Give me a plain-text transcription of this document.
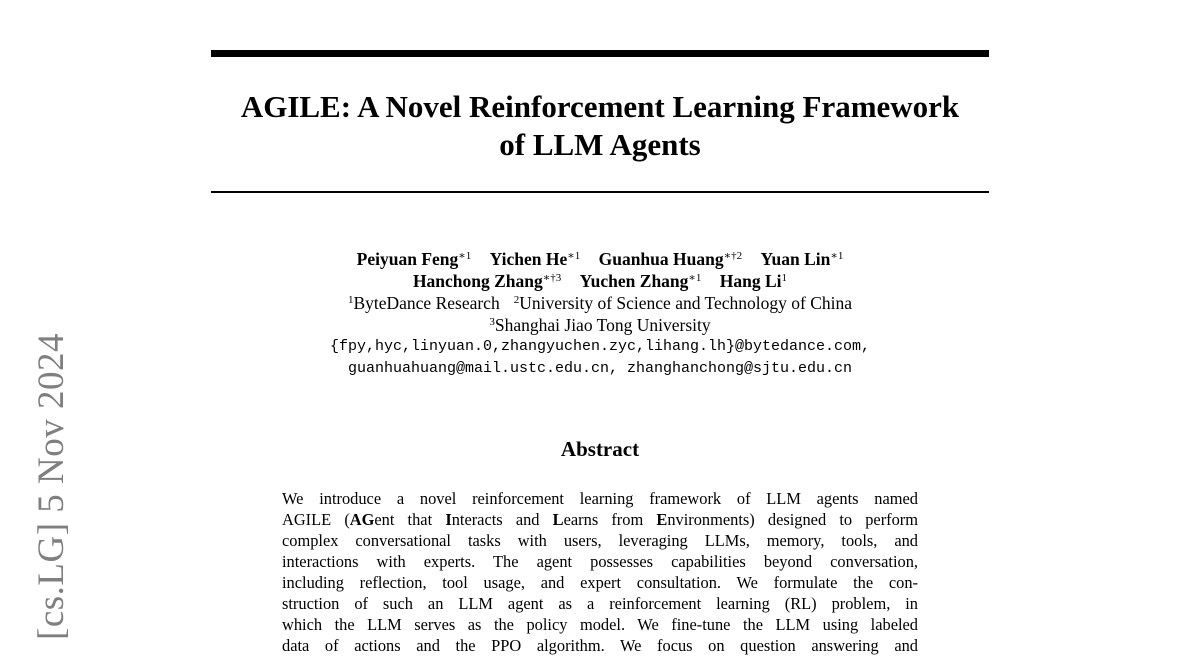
[cs.LG] 5 Nov 2024
AGILE: A Novel Reinforcement Learning Framework
of LLM Agents
Peiyuan Feng$^{∗1}$ Yichen $He^{∗1}$ Guanhua Huang$^{∗\dagger 2}$ Yuan Lin$^{∗1}$
Hanchong Zhang$^{∗\dagger 3}$ Yuchen Zhang$^{∗1}$ Hang Li$^1$
$^1$ByteDance Research $^2$University of Science and Technology of China
$^3$Shanghai Jiao Tong University
{fpy,hyc,linyuan.0,zhangyuchen.zyc,lihang.lh}@bytedance.com,
guanhuahuang@mail.ustc.edu.cn, zhanghanchong@sjtu.edu.cn
Abstract
We introduce a novel reinforcement learning framework of LLM agents named
AGILE (AGent that Interacts and Learns from Environments) designed to perform
complex conversational tasks with users, leveraging LLMs, memory, tools, and
interactions with experts. The agent possesses capabilities beyond conversation,
including reflection, tool usage, and expert consultation. We formulate the con-
struction of such an LLM agent as a reinforcement learning (RL) problem, in
which the LLM serves as the policy model. We fine-tune the LLM using labeled
data of actions and the PPO algorithm. We focus on question answering and
